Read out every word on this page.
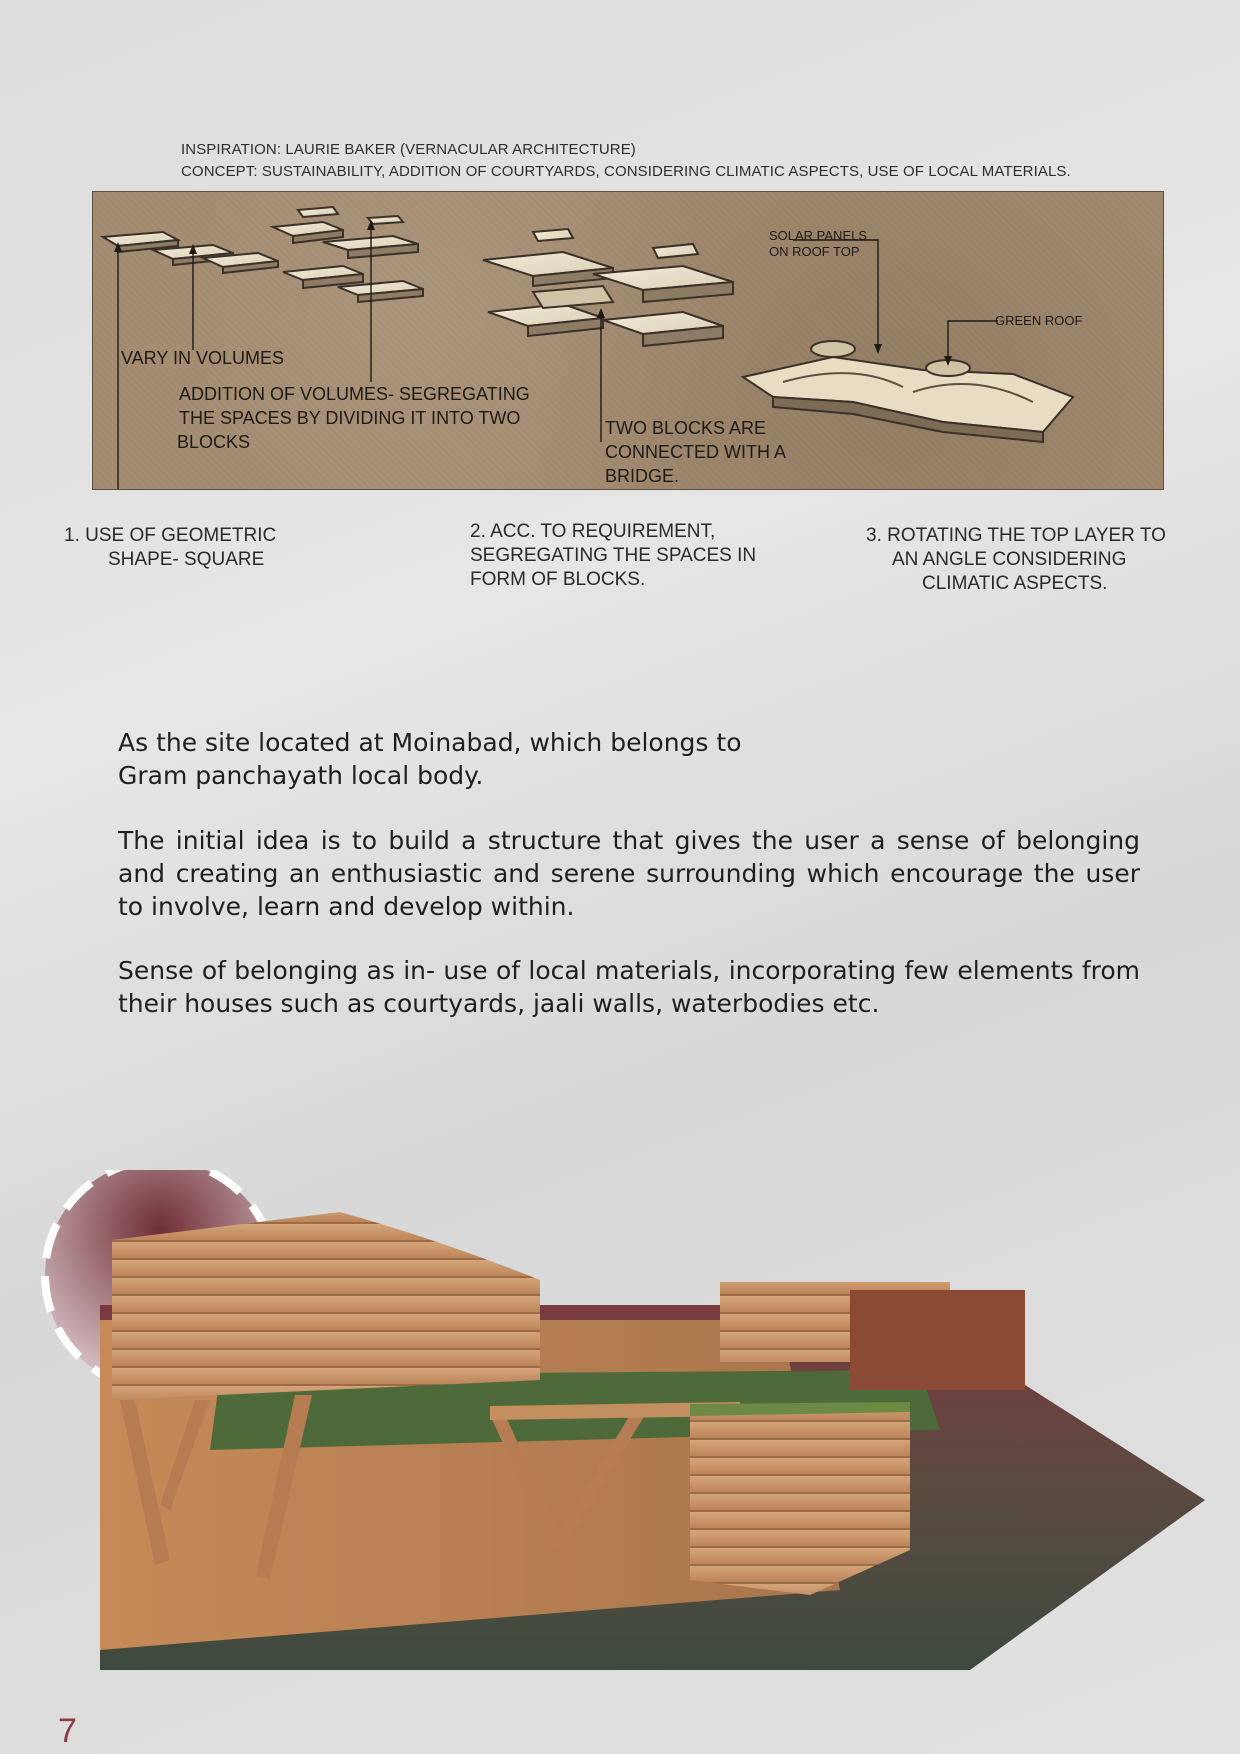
INSPIRATION: LAURIE BAKER (VERNACULAR ARCHITECTURE)
CONCEPT: SUSTAINABILITY, ADDITION OF COURTYARDS, CONSIDERING CLIMATIC ASPECTS, USE OF LOCAL MATERIALS.
VARY IN VOLUMES
ADDITION OF VOLUMES- SEGREGATING
THE SPACES BY DIVIDING IT INTO TWO
BLOCKS
TWO BLOCKS ARE
CONNECTED WITH A
BRIDGE.
SOLAR PANELS
ON ROOF TOP
GREEN ROOF
1. USE OF GEOMETRIC
SHAPE- SQUARE
2. ACC. TO REQUIREMENT,
SEGREGATING THE SPACES IN
FORM OF BLOCKS.
3. ROTATING THE TOP LAYER TO
AN ANGLE CONSIDERING
CLIMATIC ASPECTS.
As the site located at Moinabad, which belongs to
Gram panchayath local body.

The initial idea is to build a structure that gives the user a sense of belonging and creating an enthusiastic and serene surrounding which encourage the user to involve, learn and develop within.

Sense of belonging as in- use of local materials, incorporating few elements from their houses such as courtyards, jaali walls, waterbodies etc.

7
